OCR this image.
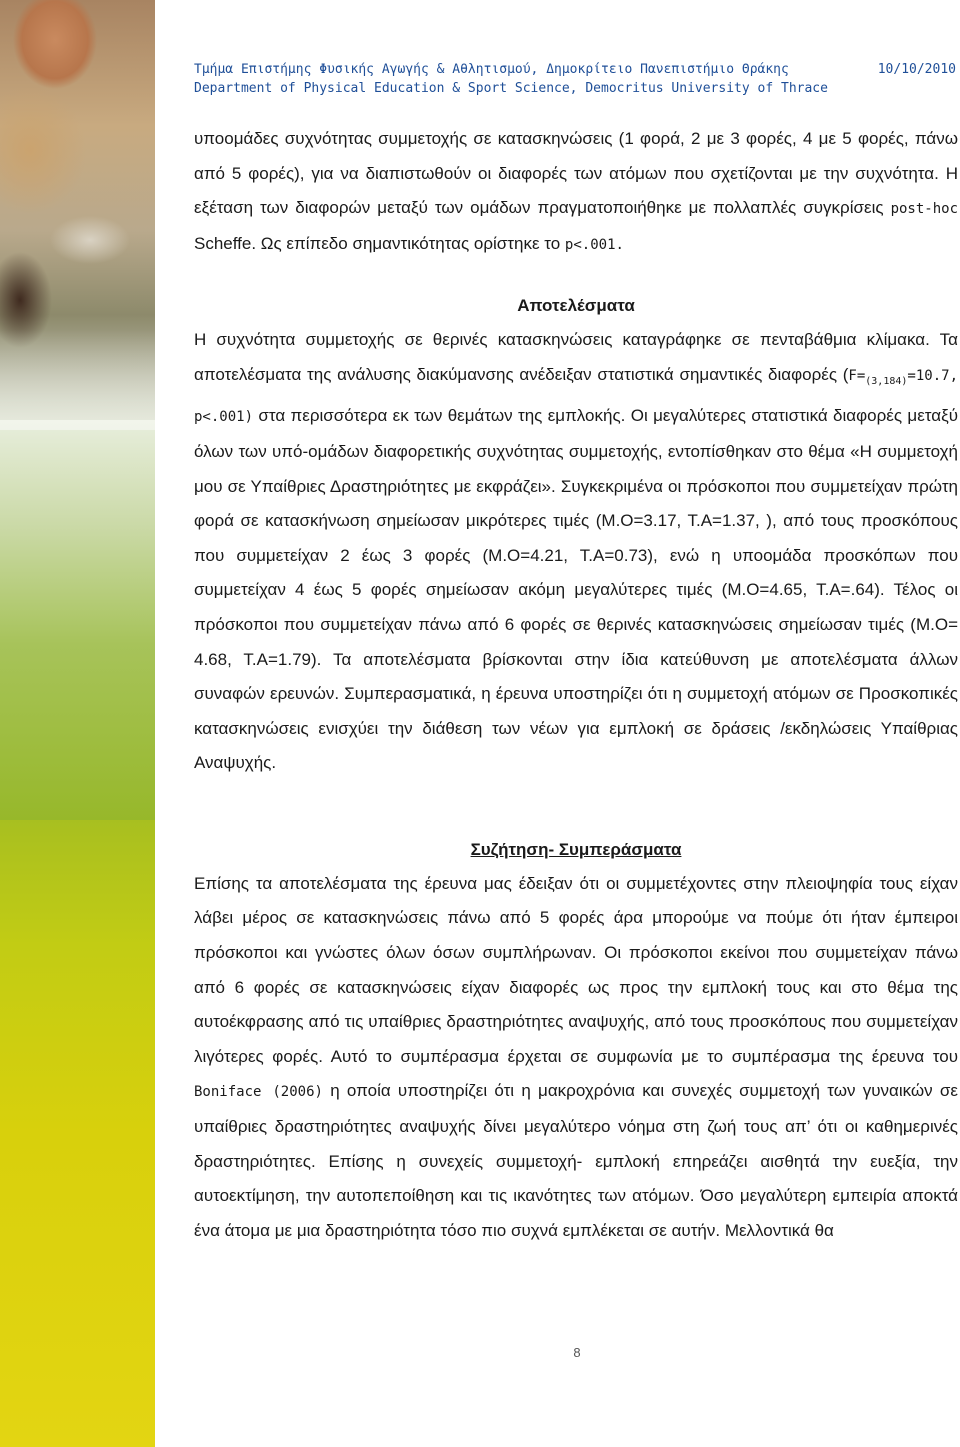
Τμήμα Επιστήμης Φυσικής Αγωγής & Αθλητισμού, Δημοκρίτειο Πανεπιστήμιο Θράκης	10/10/2010
Department of Physical Education & Sport Science, Democritus University of Thrace

υποομάδες συχνότητας συμμετοχής σε κατασκηνώσεις (1 φορά, 2 με 3 φορές, 4 με 5 φορές, πάνω από 5 φορές), για να διαπιστωθούν οι διαφορές των ατόμων που σχετίζονται με την συχνότητα. Η εξέταση των διαφορών μεταξύ των ομάδων πραγματοποιήθηκε με πολλαπλές συγκρίσεις post-hoc Scheffe. Ως επίπεδο σημαντικότητας ορίστηκε το p<.001.

Αποτελέσματα

Η συχνότητα συμμετοχής σε θερινές κατασκηνώσεις καταγράφηκε σε πενταβάθμια κλίμακα. Τα αποτελέσματα της ανάλυσης διακύμανσης ανέδειξαν στατιστικά σημαντικές διαφορές ($F=_{(3,184)}=10.7$, p<.001) στα περισσότερα εκ των θεμάτων της εμπλοκής. Οι μεγαλύτερες στατιστικά διαφορές μεταξύ όλων των υπό-ομάδων διαφορετικής συχνότητας συμμετοχής, εντοπίσθηκαν στο θέμα «Η συμμετοχή μου σε Υπαίθριες Δραστηριότητες με εκφράζει». Συγκεκριμένα οι πρόσκοποι που συμμετείχαν πρώτη φορά σε κατασκήνωση σημείωσαν μικρότερες τιμές (Μ.Ο=3.17, Τ.Α=1.37, ), από τους προσκόπους που συμμετείχαν 2 έως 3 φορές (Μ.Ο=4.21, Τ.Α=0.73), ενώ η υποομάδα προσκόπων που συμμετείχαν 4 έως 5 φορές σημείωσαν ακόμη μεγαλύτερες τιμές (Μ.Ο=4.65, Τ.Α=.64). Τέλος οι πρόσκοποι που συμμετείχαν πάνω από 6 φορές σε θερινές κατασκηνώσεις σημείωσαν τιμές (Μ.Ο= 4.68, Τ.Α=1.79). Τα αποτελέσματα βρίσκονται στην ίδια κατεύθυνση με αποτελέσματα άλλων συναφών ερευνών. Συμπερασματικά, η έρευνα υποστηρίζει ότι η συμμετοχή ατόμων σε Προσκοπικές κατασκηνώσεις ενισχύει την διάθεση των νέων για εμπλοκή σε δράσεις /εκδηλώσεις Υπαίθριας Αναψυχής.

Συζήτηση- Συμπεράσματα

Επίσης τα αποτελέσματα της έρευνα μας έδειξαν ότι οι συμμετέχοντες στην πλειοψηφία τους είχαν λάβει μέρος σε κατασκηνώσεις πάνω από 5 φορές άρα μπορούμε να πούμε ότι ήταν έμπειροι πρόσκοποι και γνώστες όλων όσων συμπλήρωναν. Οι πρόσκοποι εκείνοι που συμμετείχαν πάνω από 6 φορές σε κατασκηνώσεις είχαν διαφορές ως προς την εμπλοκή τους και στο θέμα της αυτοέκφρασης από τις υπαίθριες δραστηριότητες αναψυχής, από τους προσκόπους που συμμετείχαν λιγότερες φορές. Αυτό το συμπέρασμα έρχεται σε συμφωνία με το συμπέρασμα της έρευνα του Boniface (2006) η οποία υποστηρίζει ότι η μακροχρόνια και συνεχές συμμετοχή των γυναικών σε υπαίθριες δραστηριότητες αναψυχής δίνει μεγαλύτερο νόημα στη ζωή τους απ’ ότι οι καθημερινές δραστηριότητες. Επίσης η συνεχείς συμμετοχή- εμπλοκή επηρεάζει αισθητά την ευεξία, την αυτοεκτίμηση, την αυτοπεποίθηση και τις ικανότητες των ατόμων. Όσο μεγαλύτερη εμπειρία αποκτά ένα άτομα με μια δραστηριότητα τόσο πιο συχνά εμπλέκεται σε αυτήν. Μελλοντικά θα

8
